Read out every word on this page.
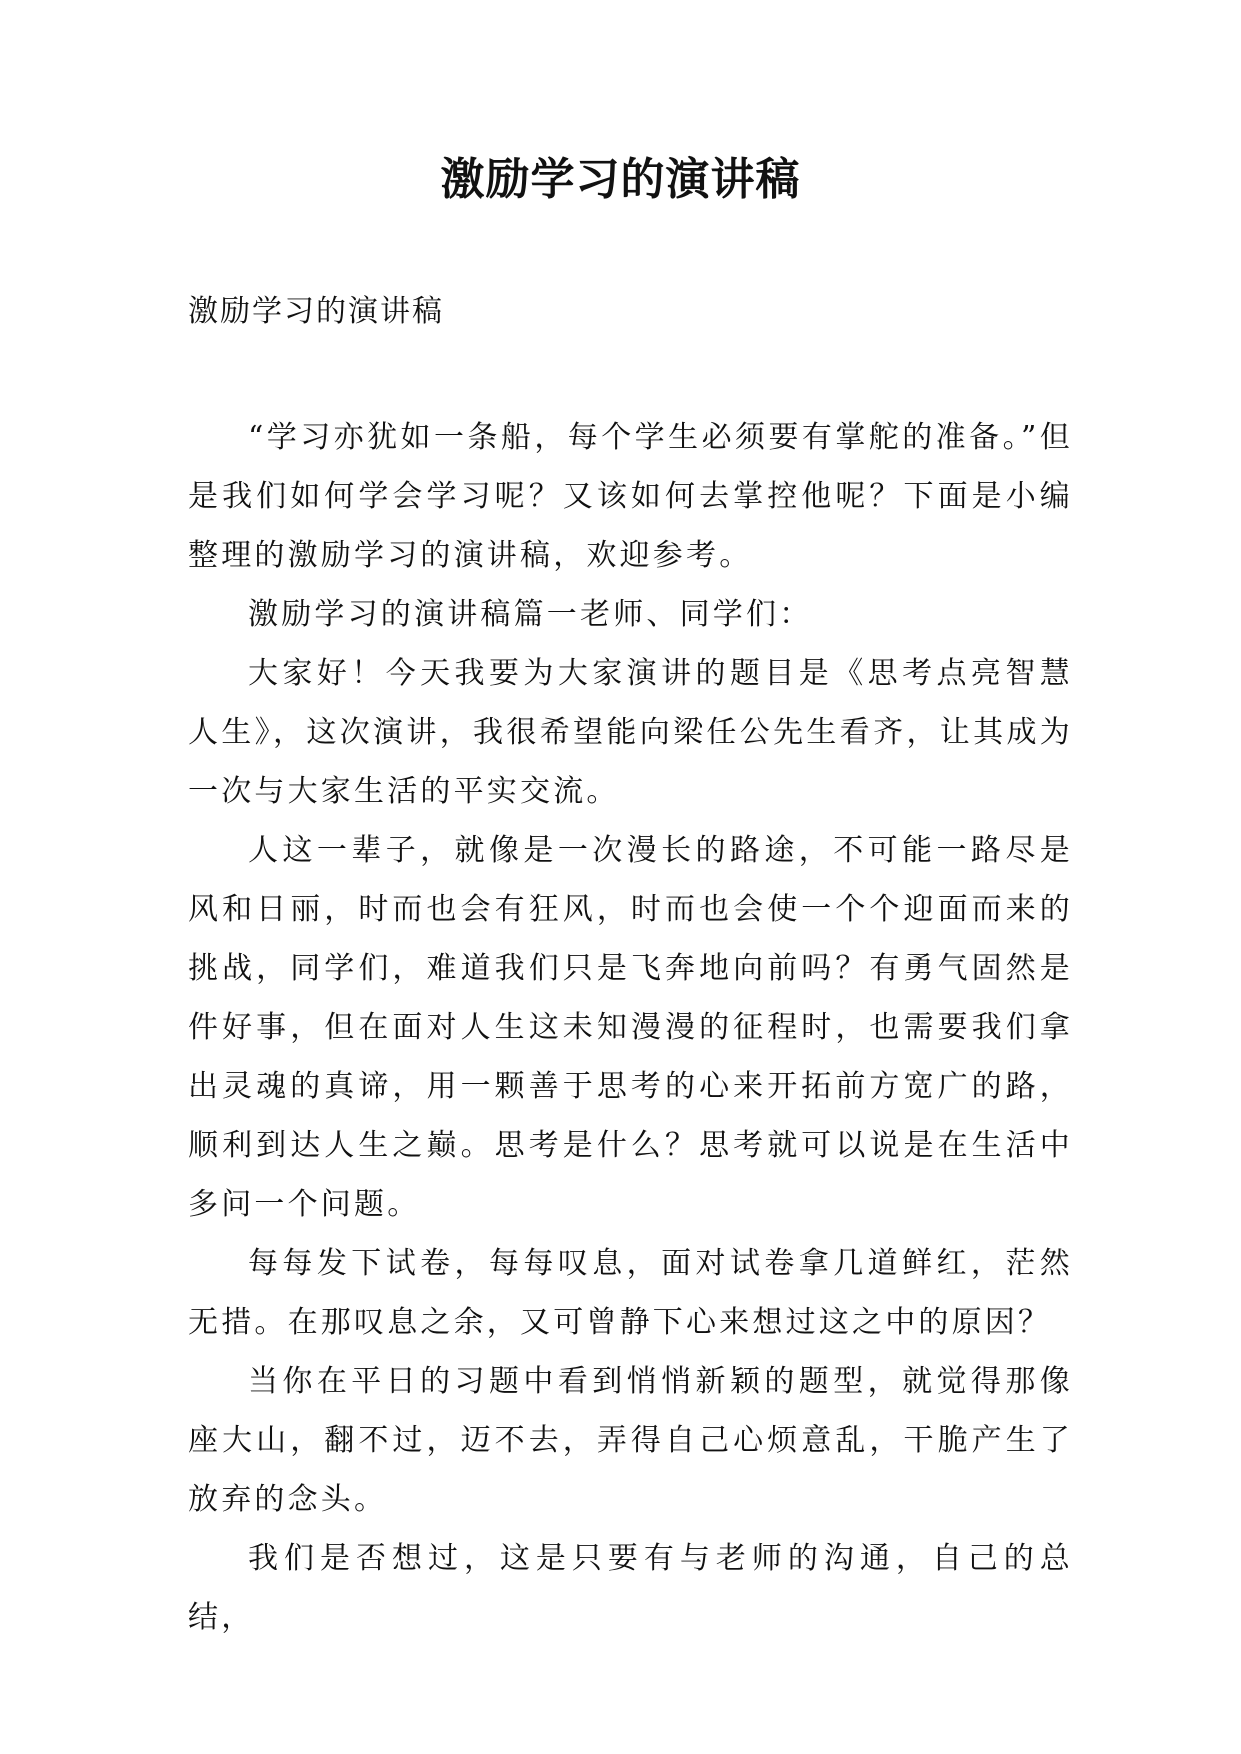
激励学习的演讲稿
激励学习的演讲稿

“学习亦犹如一条船，每个学生必须要有掌舵的准备。”但是我们如何学会学习呢？又该如何去掌控他呢？下面是小编整理的激励学习的演讲稿，欢迎参考。

激励学习的演讲稿篇一老师、同学们：

大家好！今天我要为大家演讲的题目是《思考点亮智慧人生》，这次演讲，我很希望能向梁任公先生看齐，让其成为一次与大家生活的平实交流。

人这一辈子，就像是一次漫长的路途，不可能一路尽是风和日丽，时而也会有狂风，时而也会使一个个迎面而来的挑战，同学们，难道我们只是飞奔地向前吗？有勇气固然是件好事，但在面对人生这未知漫漫的征程时，也需要我们拿出灵魂的真谛，用一颗善于思考的心来开拓前方宽广的路，顺利到达人生之巅。思考是什么？思考就可以说是在生活中多问一个问题。

每每发下试卷，每每叹息，面对试卷拿几道鲜红，茫然无措。在那叹息之余，又可曾静下心来想过这之中的原因？

当你在平日的习题中看到悄悄新颖的题型，就觉得那像座大山，翻不过，迈不去，弄得自己心烦意乱，干脆产生了放弃的念头。

我们是否想过，这是只要有与老师的沟通，自己的总结，
